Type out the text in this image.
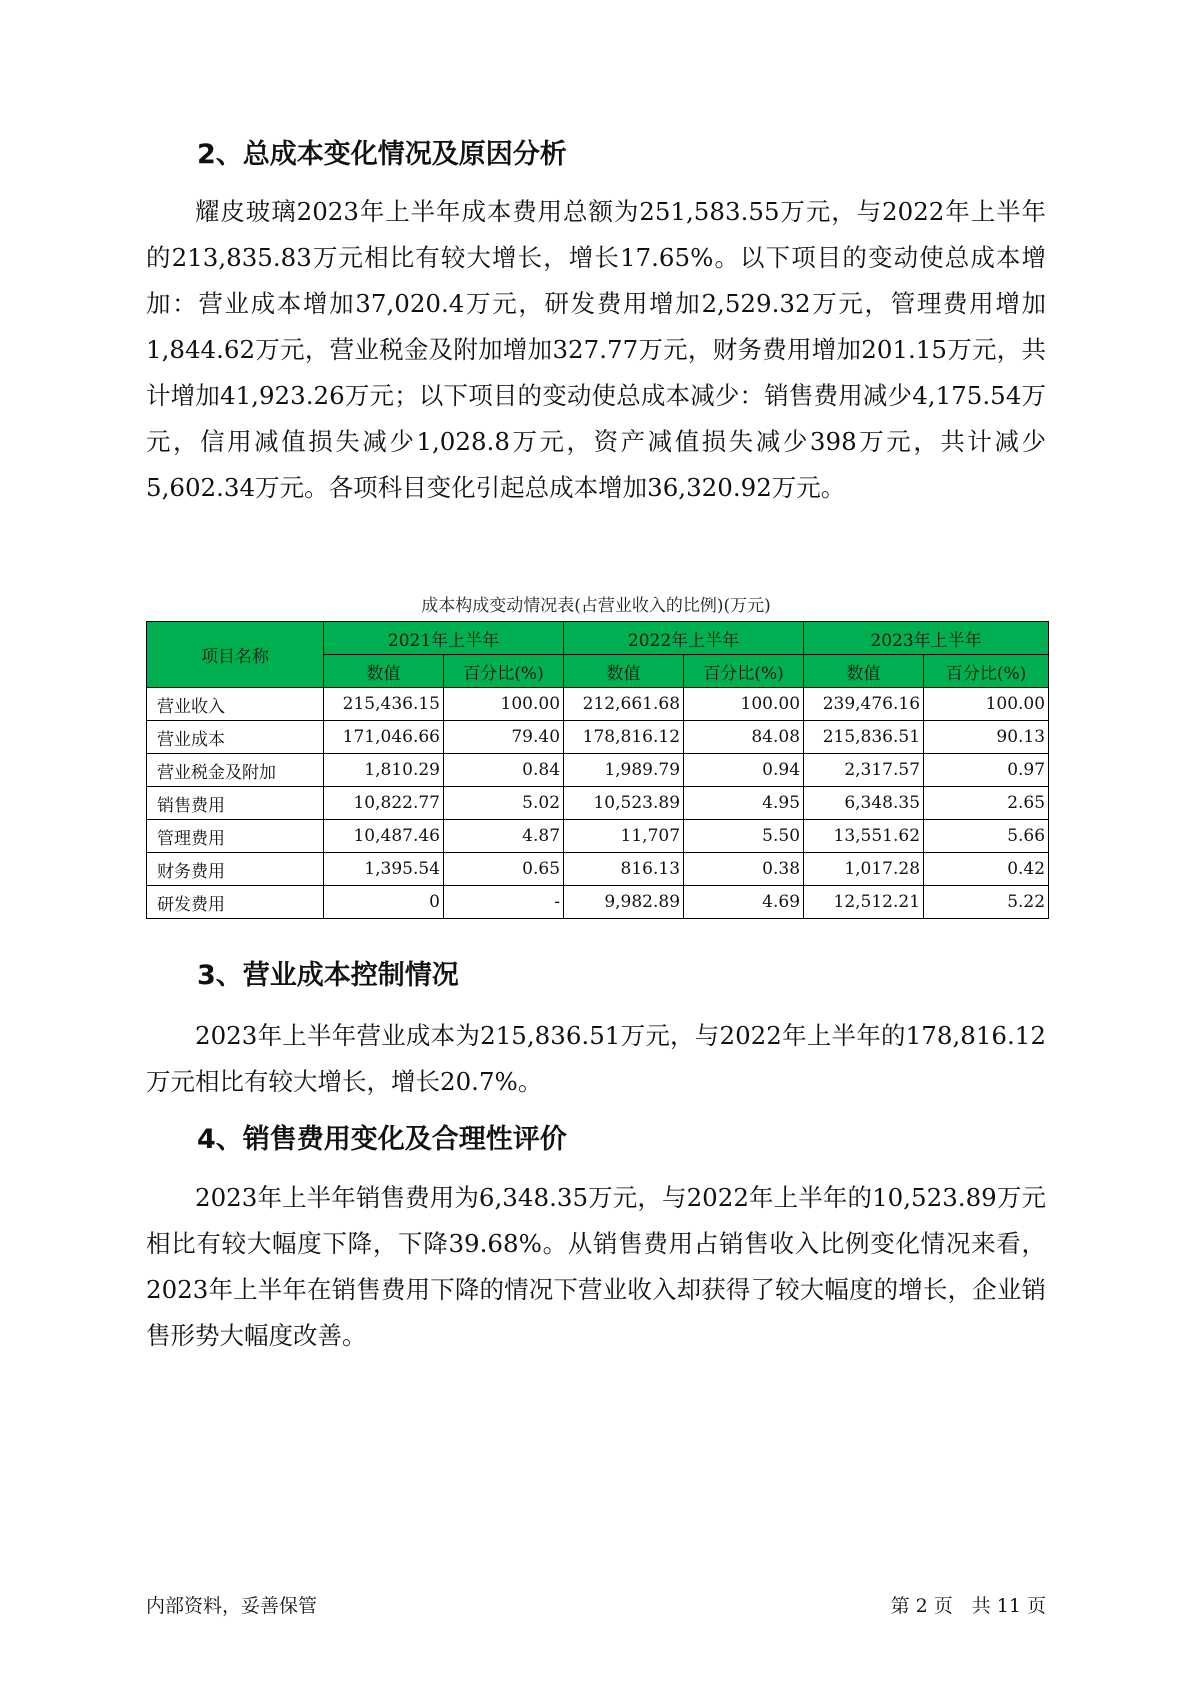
2、总成本变化情况及原因分析

耀皮玻璃2023年上半年成本费用总额为251,583.55万元，与2022年上半年的213,835.83万元相比有较大增长，增长17.65%。以下项目的变动使总成本增加：营业成本增加37,020.4万元，研发费用增加2,529.32万元，管理费用增加1,844.62万元，营业税金及附加增加327.77万元，财务费用增加201.15万元，共计增加41,923.26万元；以下项目的变动使总成本减少：销售费用减少4,175.54万元，信用减值损失减少1,028.8万元，资产减值损失减少398万元，共计减少5,602.34万元。各项科目变化引起总成本增加36,320.92万元。

成本构成变动情况表(占营业收入的比例)(万元)
项目名称	2021年上半年		2022年上半年		2023年上半年	
	数值	百分比(%)	数值	百分比(%)	数值	百分比(%)
营业收入	215,436.15	100.00	212,661.68	100.00	239,476.16	100.00
营业成本	171,046.66	79.40	178,816.12	84.08	215,836.51	90.13
营业税金及附加	1,810.29	0.84	1,989.79	0.94	2,317.57	0.97
销售费用	10,822.77	5.02	10,523.89	4.95	6,348.35	2.65
管理费用	10,487.46	4.87	11,707	5.50	13,551.62	5.66
财务费用	1,395.54	0.65	816.13	0.38	1,017.28	0.42
研发费用	0	-	9,982.89	4.69	12,512.21	5.22
3、营业成本控制情况

2023年上半年营业成本为215,836.51万元，与2022年上半年的178,816.12万元相比有较大增长，增长20.7%。

4、销售费用变化及合理性评价

2023年上半年销售费用为6,348.35万元，与2022年上半年的10,523.89万元相比有较大幅度下降，下降39.68%。从销售费用占销售收入比例变化情况来看，2023年上半年在销售费用下降的情况下营业收入却获得了较大幅度的增长，企业销售形势大幅度改善。

内部资料，妥善保管	第 2 页　共 11 页
